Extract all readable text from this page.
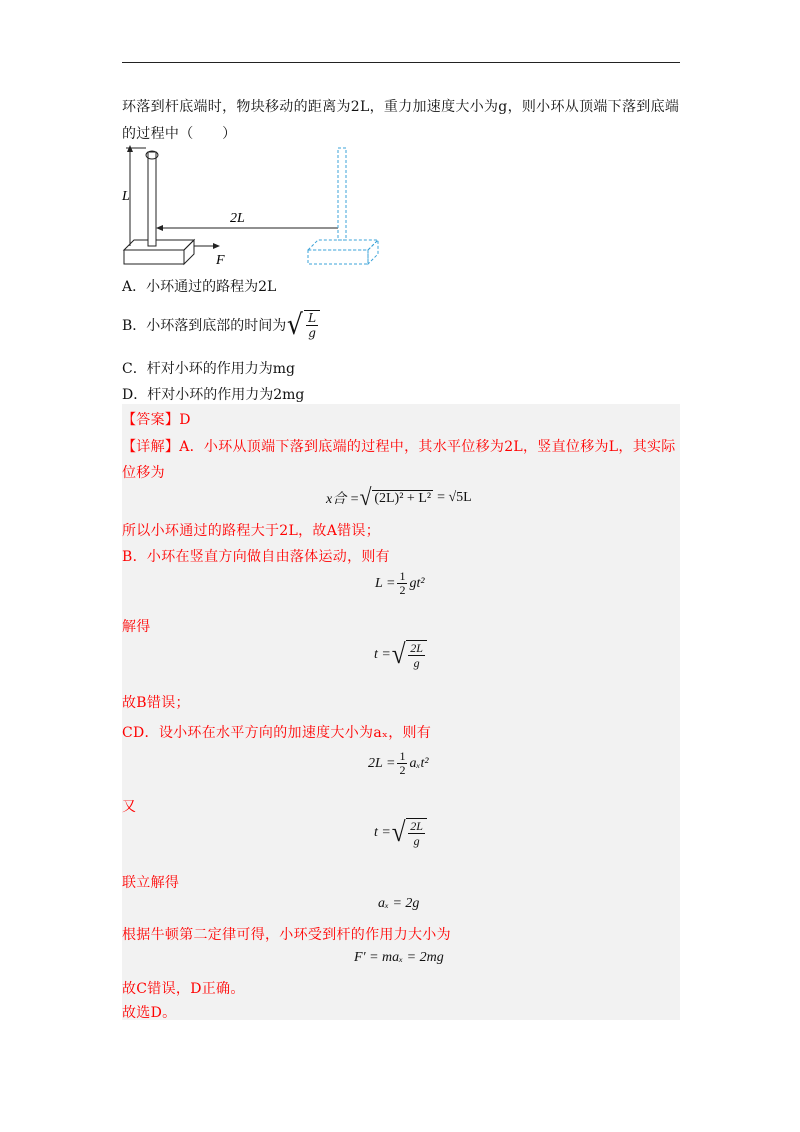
环落到杆底端时，物块移动的距离为2L，重力加速度大小为g，则小环从顶端下落到底端的过程中（　　）
L
2L
F
A．小环通过的路程为2L
B．小环落到底部的时间为 √ $\frac{L}{g}$
C．杆对小环的作用力为mg
D．杆对小环的作用力为2mg
【答案】D
【详解】A．小环从顶端下落到底端的过程中，其水平位移为2L，竖直位移为L，其实际
位移为
x合 = √ (2L)² + L² = √5L
所以小环通过的路程大于2L，故A错误；
B．小环在竖直方向做自由落体运动，则有
$L = \frac{1}{2} gt^2$
解得
t = √ $\frac{2L}{g}$
故B错误；
CD．设小环在水平方向的加速度大小为aₓ，则有
$2L = \frac{1}{2} a_xt^2$
又
t = √ $\frac{2L}{g}$
联立解得
aₓ = 2g
根据牛顿第二定律可得，小环受到杆的作用力大小为
F′ = maₓ = 2mg
故C错误，D正确。
故选D。
